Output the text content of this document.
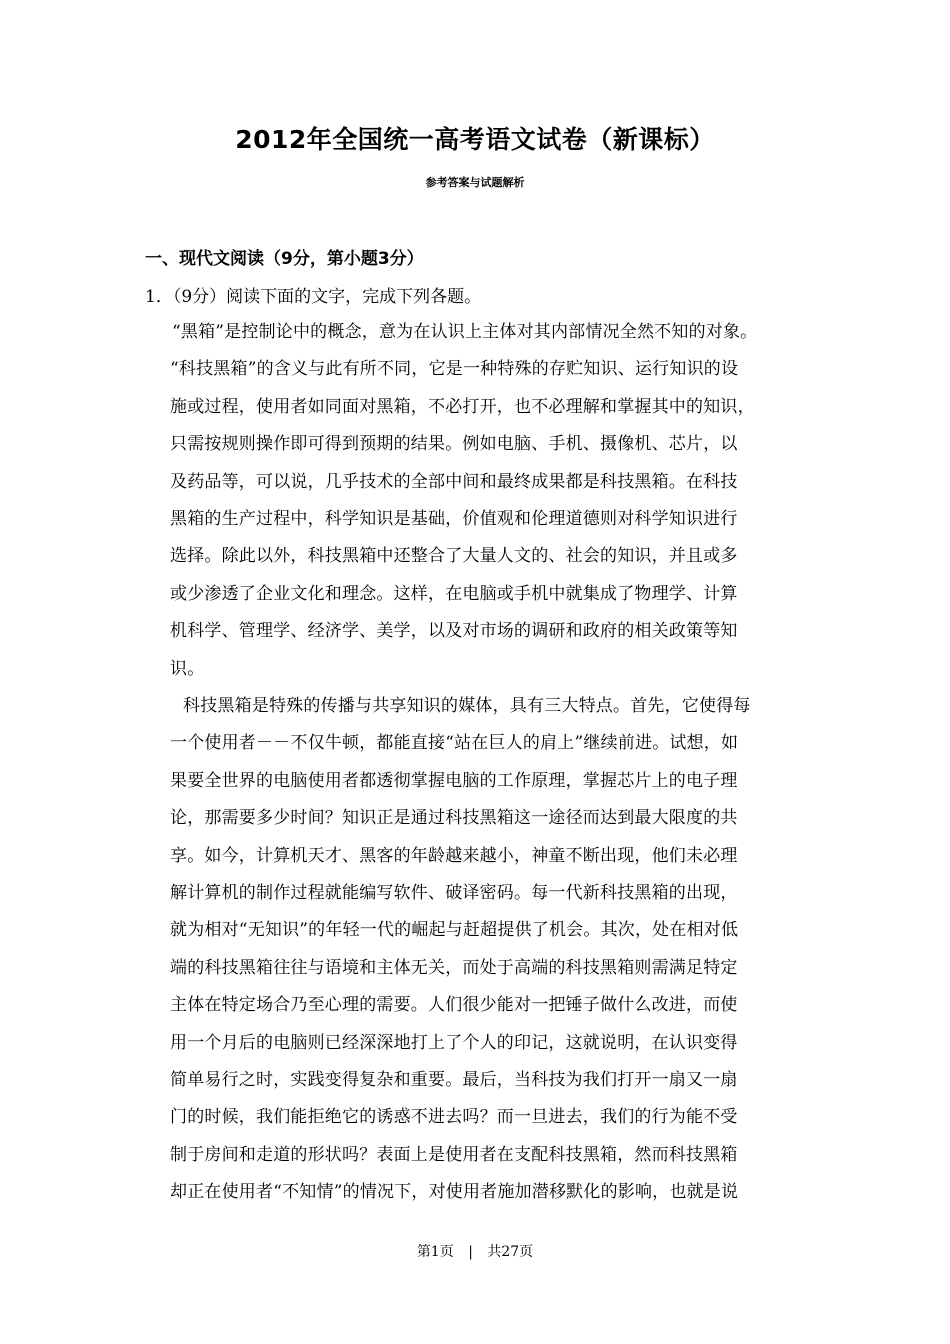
2012年全国统一高考语文试卷（新课标）
参考答案与试题解析
一、现代文阅读（9分，第小题3分）
1．（9分）阅读下面的文字，完成下列各题。

“黑箱”是控制论中的概念，意为在认识上主体对其内部情况全然不知的对象。
“科技黑箱”的含义与此有所不同，它是一种特殊的存贮知识、运行知识的设
施或过程，使用者如同面对黑箱，不必打开，也不必理解和掌握其中的知识，
只需按规则操作即可得到预期的结果。例如电脑、手机、摄像机、芯片，以
及药品等，可以说，几乎技术的全部中间和最终成果都是科技黑箱。在科技
黑箱的生产过程中，科学知识是基础，价值观和伦理道德则对科学知识进行
选择。除此以外，科技黑箱中还整合了大量人文的、社会的知识，并且或多
或少渗透了企业文化和理念。这样，在电脑或手机中就集成了物理学、计算
机科学、管理学、经济学、美学，以及对市场的调研和政府的相关政策等知
识。

科技黑箱是特殊的传播与共享知识的媒体，具有三大特点。首先，它使得每
一个使用者－－不仅牛顿，都能直接“站在巨人的肩上”继续前进。试想，如
果要全世界的电脑使用者都透彻掌握电脑的工作原理，掌握芯片上的电子理
论，那需要多少时间？知识正是通过科技黑箱这一途径而达到最大限度的共
享。如今，计算机天才、黑客的年龄越来越小，神童不断出现，他们未必理
解计算机的制作过程就能编写软件、破译密码。每一代新科技黑箱的出现，
就为相对“无知识”的年轻一代的崛起与赶超提供了机会。其次，处在相对低
端的科技黑箱往往与语境和主体无关，而处于高端的科技黑箱则需满足特定
主体在特定场合乃至心理的需要。人们很少能对一把锤子做什么改进，而使
用一个月后的电脑则已经深深地打上了个人的印记，这就说明，在认识变得
简单易行之时，实践变得复杂和重要。最后，当科技为我们打开一扇又一扇
门的时候，我们能拒绝它的诱惑不进去吗？而一旦进去，我们的行为能不受
制于房间和走道的形状吗？表面上是使用者在支配科技黑箱，然而科技黑箱
却正在使用者“不知情”的情况下，对使用者施加潜移默化的影响，也就是说

第1页 | 共27页
